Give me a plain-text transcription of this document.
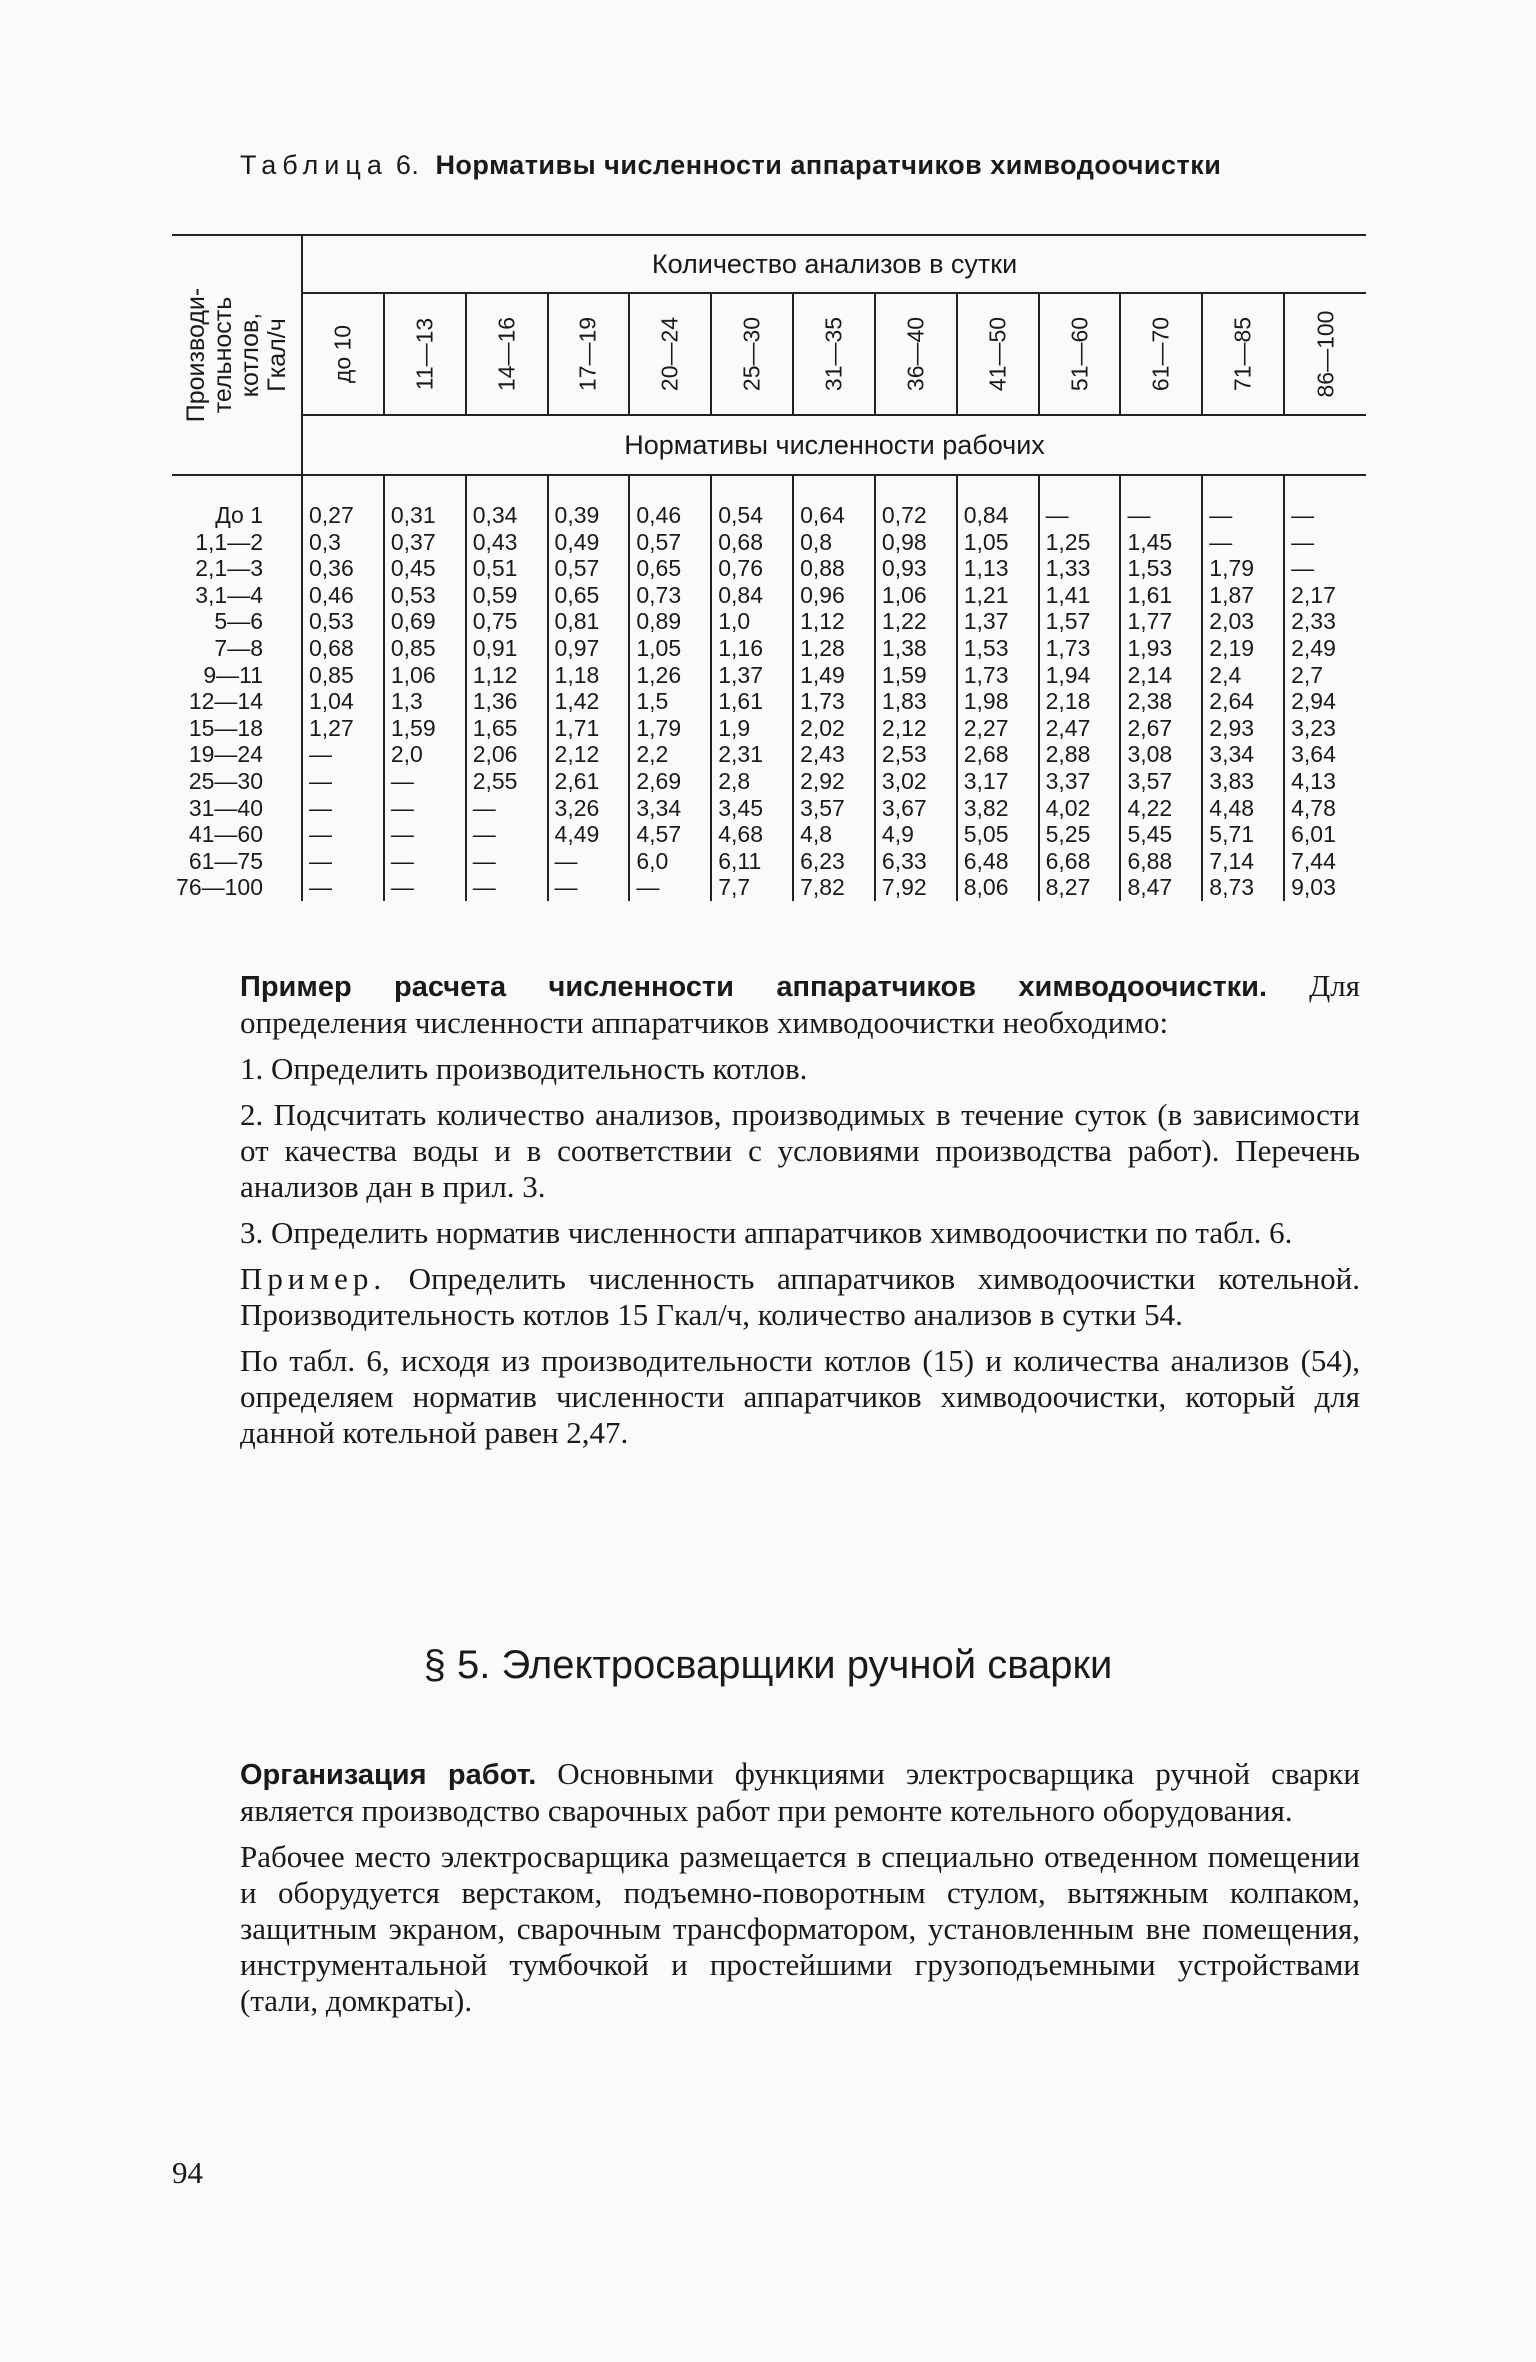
Таблица 6. Нормативы численности аппаратчиков химводоочистки
Производи-
тельность
котлов,
Гкал/ч	Количество анализов в сутки												

	до 10	11—13	14—16	17—19	20—24	25—30	31—35	36—40	41—50	51—60	61—70	71—85	86—100

	Нормативы численности рабочих												

До 1	0,27	0,31	0,34	0,39	0,46	0,54	0,64	0,72	0,84	—	—	—	—
1,1—2	0,3	0,37	0,43	0,49	0,57	0,68	0,8	0,98	1,05	1,25	1,45	—	—
2,1—3	0,36	0,45	0,51	0,57	0,65	0,76	0,88	0,93	1,13	1,33	1,53	1,79	—
3,1—4	0,46	0,53	0,59	0,65	0,73	0,84	0,96	1,06	1,21	1,41	1,61	1,87	2,17
5—6	0,53	0,69	0,75	0,81	0,89	1,0	1,12	1,22	1,37	1,57	1,77	2,03	2,33
7—8	0,68	0,85	0,91	0,97	1,05	1,16	1,28	1,38	1,53	1,73	1,93	2,19	2,49
9—11	0,85	1,06	1,12	1,18	1,26	1,37	1,49	1,59	1,73	1,94	2,14	2,4	2,7
12—14	1,04	1,3	1,36	1,42	1,5	1,61	1,73	1,83	1,98	2,18	2,38	2,64	2,94
15—18	1,27	1,59	1,65	1,71	1,79	1,9	2,02	2,12	2,27	2,47	2,67	2,93	3,23
19—24	—	2,0	2,06	2,12	2,2	2,31	2,43	2,53	2,68	2,88	3,08	3,34	3,64
25—30	—	—	2,55	2,61	2,69	2,8	2,92	3,02	3,17	3,37	3,57	3,83	4,13
31—40	—	—	—	3,26	3,34	3,45	3,57	3,67	3,82	4,02	4,22	4,48	4,78
41—60	—	—	—	4,49	4,57	4,68	4,8	4,9	5,05	5,25	5,45	5,71	6,01
61—75	—	—	—	—	6,0	6,11	6,23	6,33	6,48	6,68	6,88	7,14	7,44
76—100	—	—	—	—	—	7,7	7,82	7,92	8,06	8,27	8,47	8,73	9,03

Пример расчета численности аппаратчиков химводоочистки. Для определения численности аппаратчиков химводоочистки необходимо:

1. Определить производительность котлов.

2. Подсчитать количество анализов, производимых в течение суток (в зависимости от качества воды и в соответствии с условиями производства работ). Перечень анализов дан в прил. 3.

3. Определить норматив численности аппаратчиков химводоочистки по табл. 6.

Пример. Определить численность аппаратчиков химводоочистки котельной. Производительность котлов 15 Гкал/ч, количество анализов в сутки 54.

По табл. 6, исходя из производительности котлов (15) и количества анализов (54), определяем норматив численности аппаратчиков химводоочистки, который для данной котельной равен 2,47.

§ 5. Электросварщики ручной сварки

Организация работ. Основными функциями электросварщика ручной сварки является производство сварочных работ при ремонте котельного оборудования.

Рабочее место электросварщика размещается в специально отведенном помещении и оборудуется верстаком, подъемно-поворотным стулом, вытяжным колпаком, защитным экраном, сварочным трансформатором, установленным вне помещения, инструментальной тумбочкой и простейшими грузоподъемными устройствами (тали, домкраты).

94
